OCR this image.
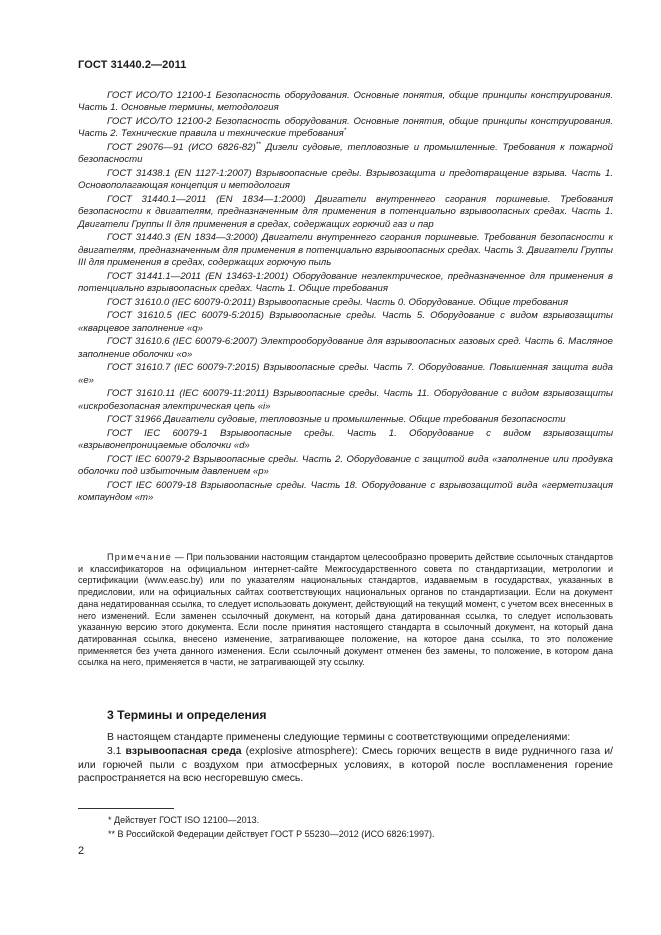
ГОСТ 31440.2—2011

ГОСТ ИСО/ТО 12100-1 Безопасность оборудования. Основные понятия, общие принципы конструирования. Часть 1. Основные термины, методология

ГОСТ ИСО/ТО 12100-2 Безопасность оборудования. Основные понятия, общие принципы конструирования. Часть 2. Технические правила и технические требования*

ГОСТ 29076—91 (ИСО 6826-82)** Дизели судовые, тепловозные и промышленные. Требования к пожарной безопасности

ГОСТ 31438.1 (EN 1127-1:2007) Взрывоопасные среды. Взрывозащита и предотвращение взрыва. Часть 1. Основополагающая концепция и методология

ГОСТ 31440.1—2011 (EN 1834—1:2000) Двигатели внутреннего сгорания поршневые. Требования безопасности к двигателям, предназначенным для применения в потенциально взрывоопасных средах. Часть 1. Двигатели Группы II для применения в средах, содержащих горючий газ и пар

ГОСТ 31440.3 (EN 1834—3:2000) Двигатели внутреннего сгорания поршневые. Требования безопасности к двигателям, предназначенным для применения в потенциально взрывоопасных средах. Часть 3. Двигатели Группы III для применения в средах, содержащих горючую пыль

ГОСТ 31441.1—2011 (EN 13463-1:2001) Оборудование неэлектрическое, предназначенное для применения в потенциально взрывоопасных средах. Часть 1. Общие требования

ГОСТ 31610.0 (IEC 60079-0:2011) Взрывоопасные среды. Часть 0. Оборудование. Общие требования

ГОСТ 31610.5 (IEC 60079-5:2015) Взрывоопасные среды. Часть 5. Оборудование с видом взрывозащиты «кварцевое заполнение «q»

ГОСТ 31610.6 (IEC 60079-6:2007) Электрооборудование для взрывоопасных газовых сред. Часть 6. Масляное заполнение оболочки «о»

ГОСТ 31610.7 (IEC 60079-7:2015) Взрывоопасные среды. Часть 7. Оборудование. Повышенная защита вида «е»

ГОСТ 31610.11 (IEC 60079-11:2011) Взрывоопасные среды. Часть 11. Оборудование с видом взрывозащиты «искробезопасная электрическая цепь «i»

ГОСТ 31966 Двигатели судовые, тепловозные и промышленные. Общие требования безопасности

ГОСТ IEC 60079-1 Взрывоопасные среды. Часть 1. Оборудование с видом взрывозащиты «взрывонепроницаемые оболочки «d»

ГОСТ IEC 60079-2 Взрывоопасные среды. Часть 2. Оборудование с защитой вида «заполнение или продувка оболочки под избыточным давлением «р»

ГОСТ IEC 60079-18 Взрывоопасные среды. Часть 18. Оборудование с взрывозащитой вида «герметизация компаундом «m»

Примечание — При пользовании настоящим стандартом целесообразно проверить действие ссылочных стандартов и классификаторов на официальном интернет-сайте Межгосударственного совета по стандартизации, метрологии и сертификации (www.easc.by) или по указателям национальных стандартов, издаваемым в государствах, указанных в предисловии, или на официальных сайтах соответствующих национальных органов по стандартизации. Если на документ дана недатированная ссылка, то следует использовать документ, действующий на текущий момент, с учетом всех внесенных в него изменений. Если заменен ссылочный документ, на который дана датированная ссылка, то следует использовать указанную версию этого документа. Если после принятия настоящего стандарта в ссылочный документ, на который дана датированная ссылка, внесено изменение, затрагивающее положение, на которое дана ссылка, то это положение применяется без учета данного изменения. Если ссылочный документ отменен без замены, то положение, в котором дана ссылка на него, применяется в части, не затрагивающей эту ссылку.
3 Термины и определения

В настоящем стандарте применены следующие термины с соответствующими определениями:

3.1 взрывоопасная среда (explosive atmosphere): Смесь горючих веществ в виде рудничного газа и/или горючей пыли с воздухом при атмосферных условиях, в которой после воспламенения горение распространяется на всю несгоревшую смесь.

* Действует ГОСТ ISO 12100—2013.
** В Российской Федерации действует ГОСТ Р 55230—2012 (ИСО 6826:1997).
2
